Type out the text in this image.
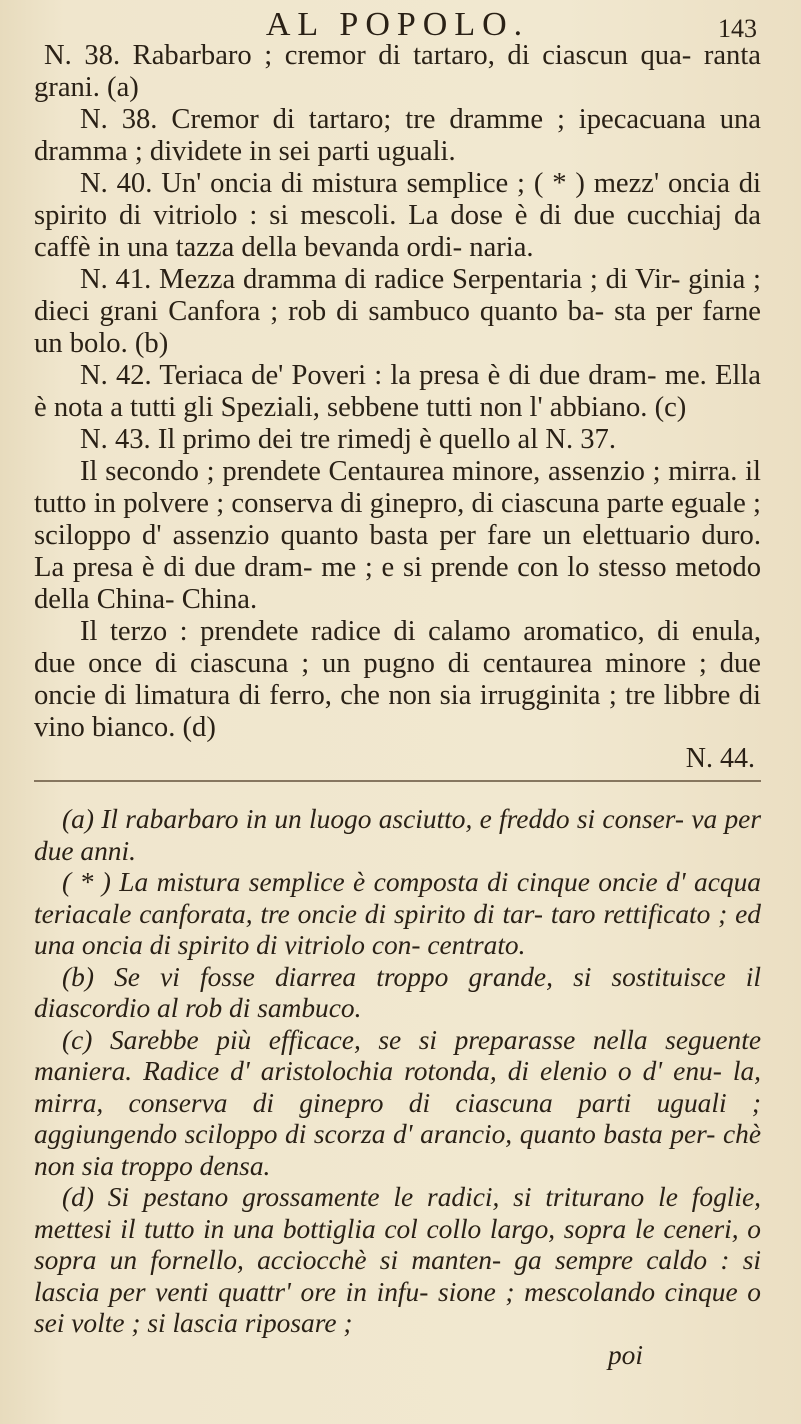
AL POPOLO.	143

N. 38. Rabarbaro ; cremor di tartaro, di ciascun qua- ranta grani. (a)

N. 38. Cremor di tartaro; tre dramme ; ipecacuana una dramma ; dividete in sei parti uguali.

N. 40. Un' oncia di mistura semplice ; ( * ) mezz' oncia di spirito di vitriolo : si mescoli. La dose è di due cucchiaj da caffè in una tazza della bevanda ordi- naria.

N. 41. Mezza dramma di radice Serpentaria ; di Vir- ginia ; dieci grani Canfora ; rob di sambuco quanto ba- sta per farne un bolo. (b)

N. 42. Teriaca de' Poveri : la presa è di due dram- me. Ella è nota a tutti gli Speziali, sebbene tutti non l' abbiano. (c)

N. 43. Il primo dei tre rimedj è quello al N. 37.

Il secondo ; prendete Centaurea minore, assenzio ; mirra. il tutto in polvere ; conserva di ginepro, di ciascuna parte eguale ; sciloppo d' assenzio quanto basta per fare un elettuario duro. La presa è di due dram- me ; e si prende con lo stesso metodo della China- China.

Il terzo : prendete radice di calamo aromatico, di enula, due once di ciascuna ; un pugno di centaurea minore ; due oncie di limatura di ferro, che non sia irrugginita ; tre libbre di vino bianco. (d)

N. 44.

(a) Il rabarbaro in un luogo asciutto, e freddo si conser- va per due anni.

( * ) La mistura semplice è composta di cinque oncie d' acqua teriacale canforata, tre oncie di spirito di tar- taro rettificato ; ed una oncia di spirito di vitriolo con- centrato.

(b) Se vi fosse diarrea troppo grande, si sostituisce il diascordio al rob di sambuco.

(c) Sarebbe più efficace, se si preparasse nella seguente maniera. Radice d' aristolochia rotonda, di elenio o d' enu- la, mirra, conserva di ginepro di ciascuna parti uguali ; aggiungendo sciloppo di scorza d' arancio, quanto basta per- chè non sia troppo densa.

(d) Si pestano grossamente le radici, si triturano le foglie, mettesi il tutto in una bottiglia col collo largo, sopra le ceneri, o sopra un fornello, acciocchè si manten- ga sempre caldo : si lascia per venti quattr' ore in infu- sione ; mescolando cinque o sei volte ; si lascia riposare ;

poi
